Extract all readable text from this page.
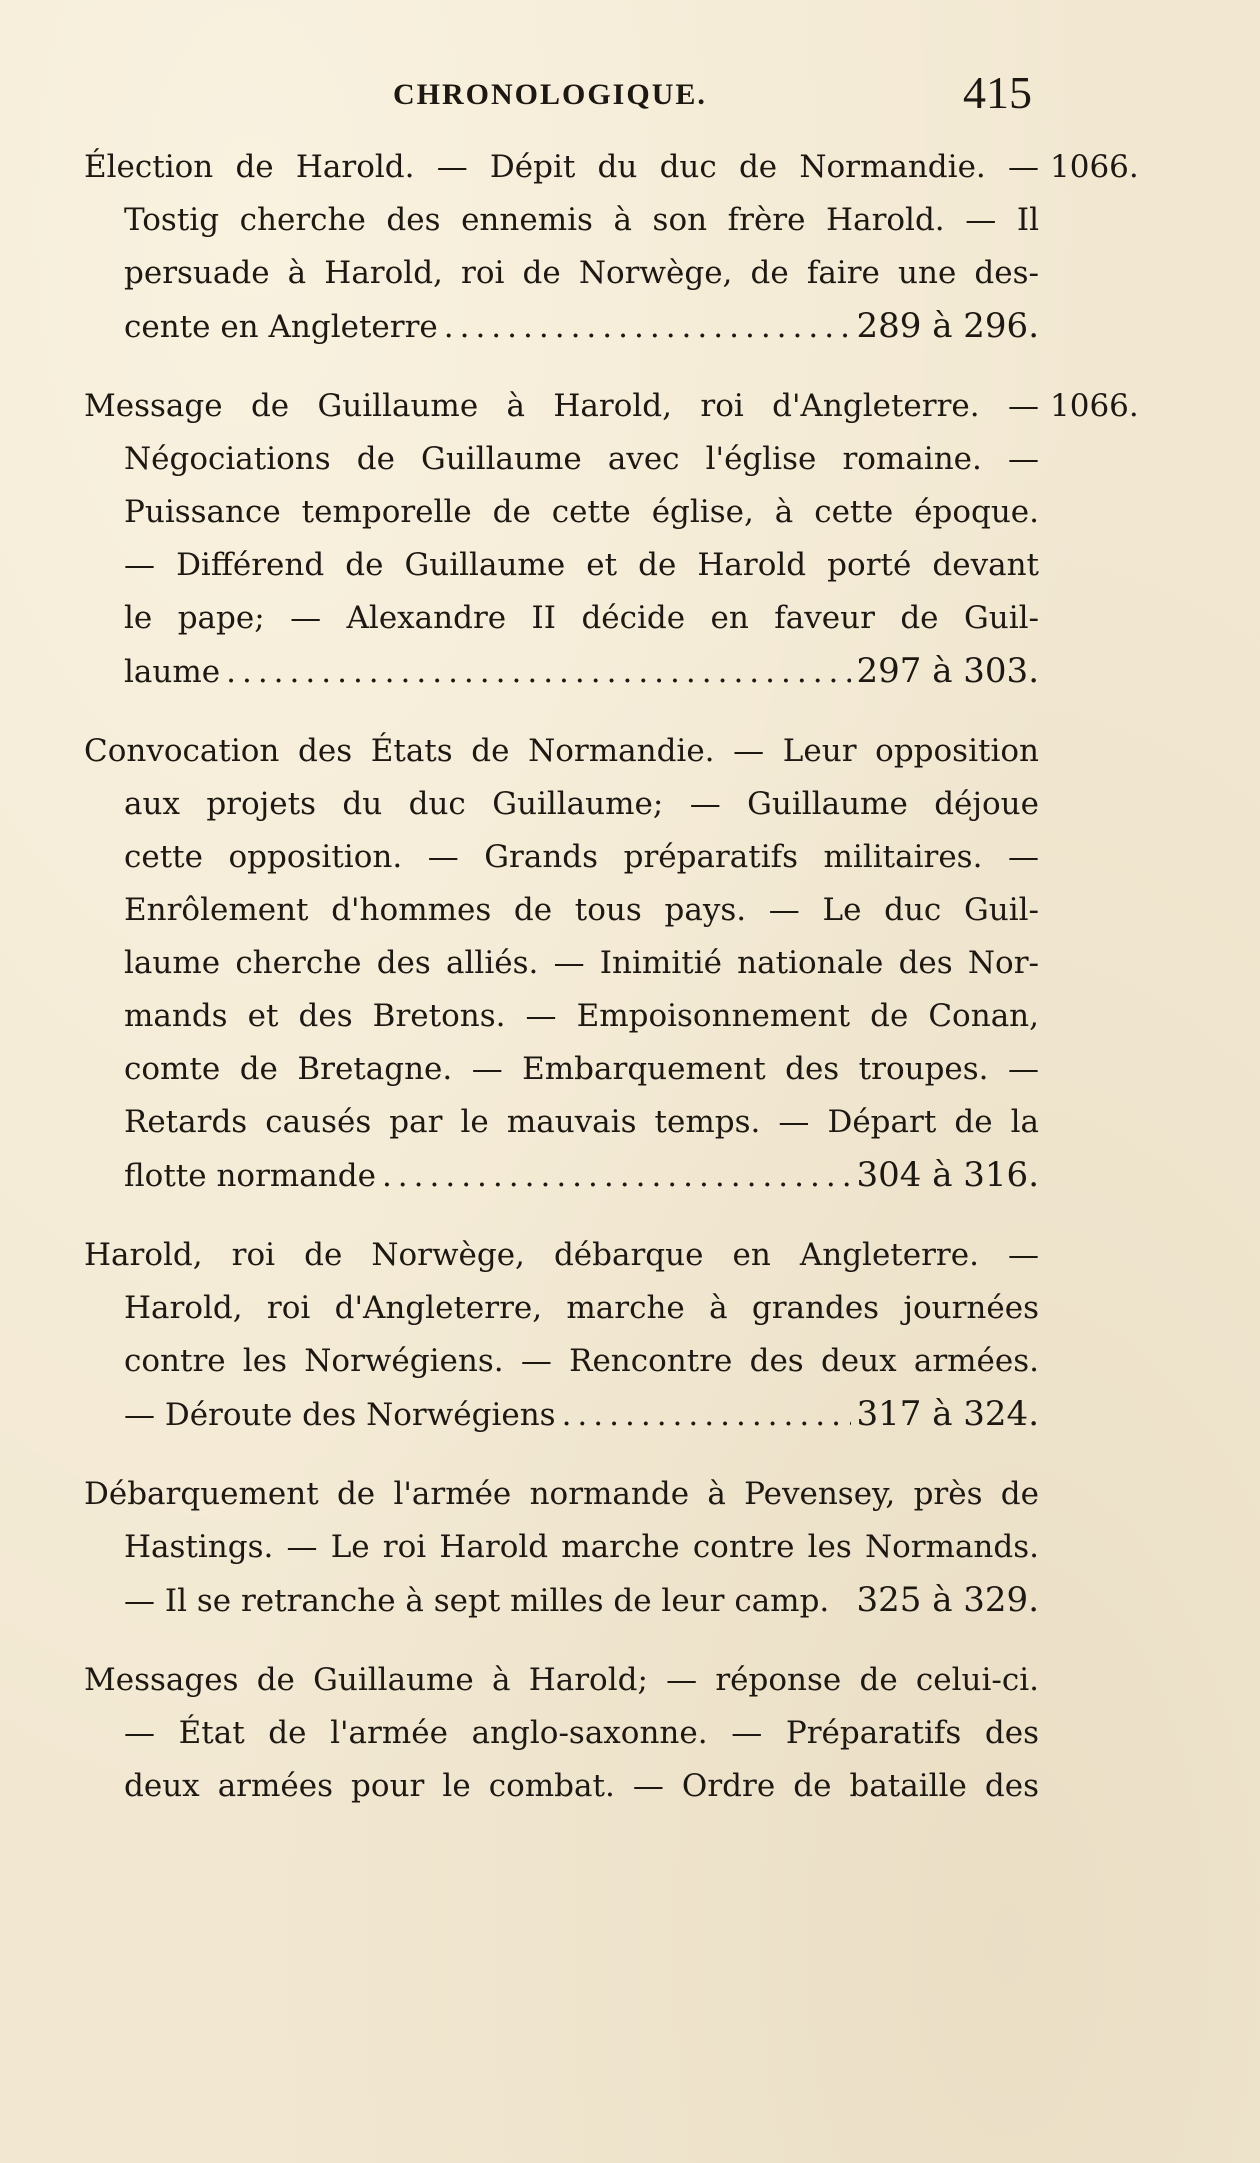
CHRONOLOGIQUE.	415
Élection de Harold. — Dépit du duc de Normandie. — 1066.
Tostig cherche des ennemis à son frère Harold. — Il
persuade à Harold, roi de Norwège, de faire une des-
cente en Angleterre .....	289 à 296.
Message de Guillaume à Harold, roi d'Angleterre. — 1066.
Négociations de Guillaume avec l'église romaine. —
Puissance temporelle de cette église, à cette époque.
— Différend de Guillaume et de Harold porté devant
le pape; — Alexandre II décide en faveur de Guil-
laume .....	297 à 303.
Convocation des États de Normandie. — Leur opposition
aux projets du duc Guillaume; — Guillaume déjoue
cette opposition. — Grands préparatifs militaires. —
Enrôlement d'hommes de tous pays. — Le duc Guil-
laume cherche des alliés. — Inimitié nationale des Nor-
mands et des Bretons. — Empoisonnement de Conan,
comte de Bretagne. — Embarquement des troupes. —
Retards causés par le mauvais temps. — Départ de la
flotte normande .....	304 à 316.
Harold, roi de Norwège, débarque en Angleterre. —
Harold, roi d'Angleterre, marche à grandes journées
contre les Norwégiens. — Rencontre des deux armées.
— Déroute des Norwégiens .....	317 à 324.
Débarquement de l'armée normande à Pevensey, près de
Hastings. — Le roi Harold marche contre les Normands.
— Il se retranche à sept milles de leur camp. 325 à 329.
Messages de Guillaume à Harold; — réponse de celui-ci.
— État de l'armée anglo-saxonne. — Préparatifs des
deux armées pour le combat. — Ordre de bataille des
